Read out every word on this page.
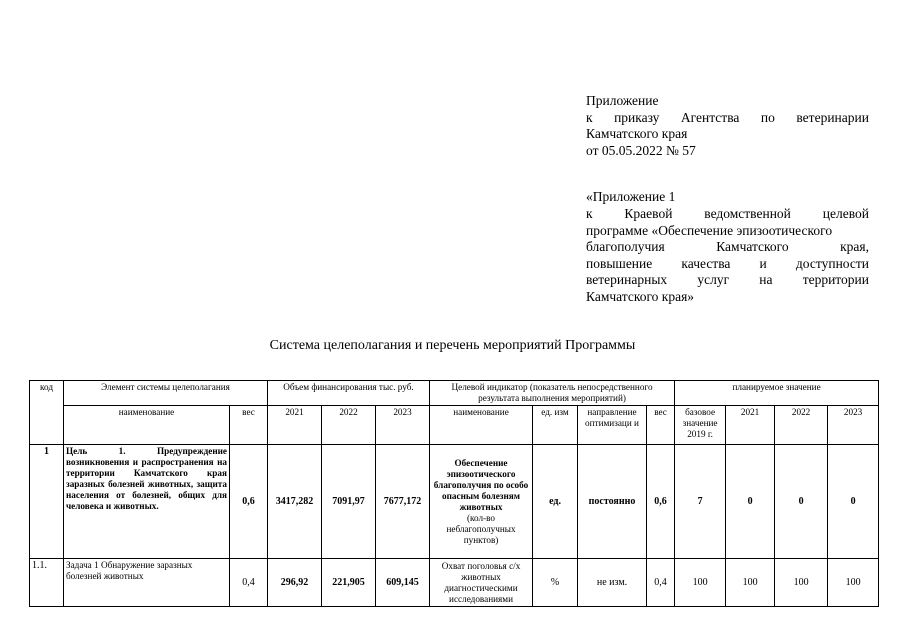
Приложение
к приказу Агентства по ветеринарии
Камчатского края
от 05.05.2022 № 57
«Приложение 1
к Краевой ведомственной целевой
программе «Обеспечение эпизоотического
благополучия	Камчатского	края,
повышение качества и доступности
ветеринарных услуг на территории
Камчатского края»
Система целеполагания и перечень мероприятий Программы
код	Элемент системы целеполагания		Объем финансирования тыс. руб.			Целевой индикатор (показатель непосредственного результата выполнения мероприятий)				планируемое значение			
	наименование	вес	2021	2022	2023	наименование	ед. изм	направление оптимизаци и	вес	базовое значение 2019 г.	2021	2022	2023
1	Цель 1. Предупреждение возникновения и распространения на территории Камчатского края заразных болезней животных, защита населения от болезней, общих для человека и животных.	0,6	3417,282	7091,97	7677,172	Обеспечение эпизоотического благополучия по особо опасным болезням животных
(кол-во неблагополучных пунктов)	ед.	постоянно	0,6	7	0	0	0
1.1.	Задача 1 Обнаружение заразных болезней животных	0,4	296,92	221,905	609,145	Охват поголовья с/х животных диагностическими исследованиями	%	не изм.	0,4	100	100	100	100
